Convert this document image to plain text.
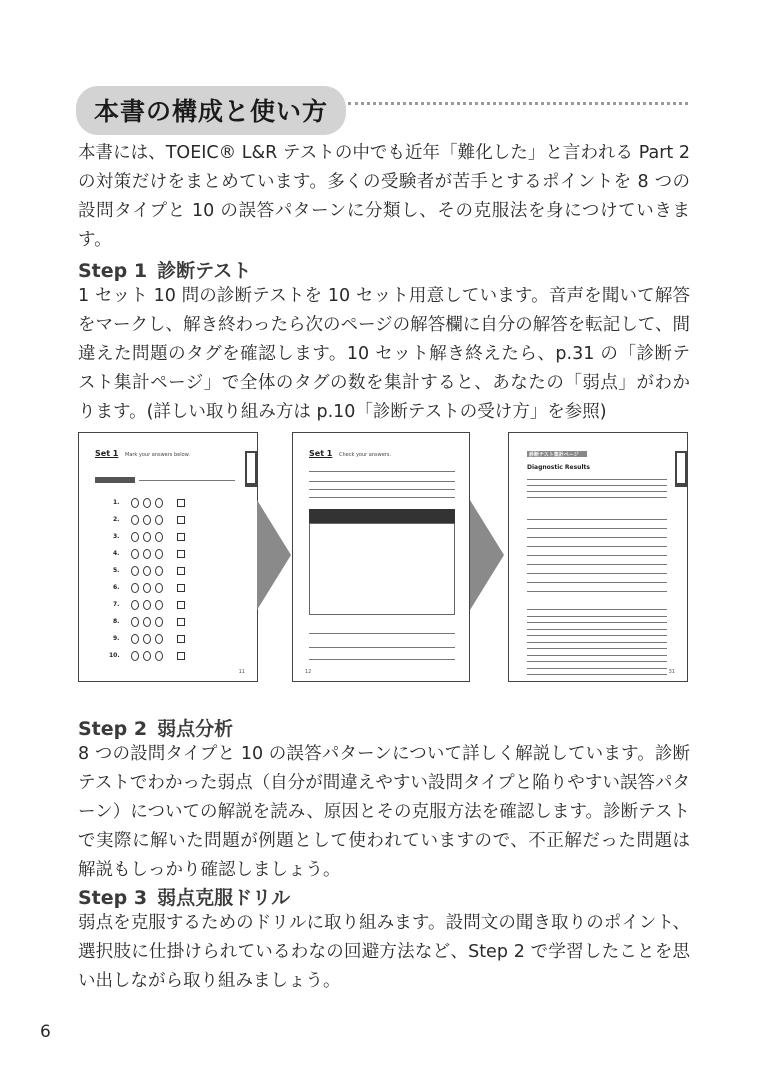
本書の構成と使い方

本書には、TOEIC® L&R テストの中でも近年「難化した」と言われる Part 2 の対策だけをまとめています。多くの受験者が苦手とするポイントを 8 つの設問タイプと 10 の誤答パターンに分類し、その克服法を身につけていきます。

Step 1 診断テスト

1 セット 10 問の診断テストを 10 セット用意しています。音声を聞いて解答をマークし、解き終わったら次のページの解答欄に自分の解答を転記して、間違えた問題のタグを確認します。10 セット解き終えたら、p.31 の「診断テスト集計ページ」で全体のタグの数を集計すると、あなたの「弱点」がわかります。(詳しい取り組み方は p.10「診断テストの受け方」を参照)

Set 1 Mark your answers below.
1.
2.
3.
4.
5.
6.
7.
8.
9.
10.
11
Set 1 Check your answers.
12
診断テスト集計ページ
Diagnostic Results
31
Step 2 弱点分析

8 つの設問タイプと 10 の誤答パターンについて詳しく解説しています。診断テストでわかった弱点（自分が間違えやすい設問タイプと陥りやすい誤答パターン）についての解説を読み、原因とその克服方法を確認します。診断テストで実際に解いた問題が例題として使われていますので、不正解だった問題は解説もしっかり確認しましょう。

Step 3 弱点克服ドリル

弱点を克服するためのドリルに取り組みます。設問文の聞き取りのポイント、選択肢に仕掛けられているわなの回避方法など、Step 2 で学習したことを思い出しながら取り組みましょう。

6
